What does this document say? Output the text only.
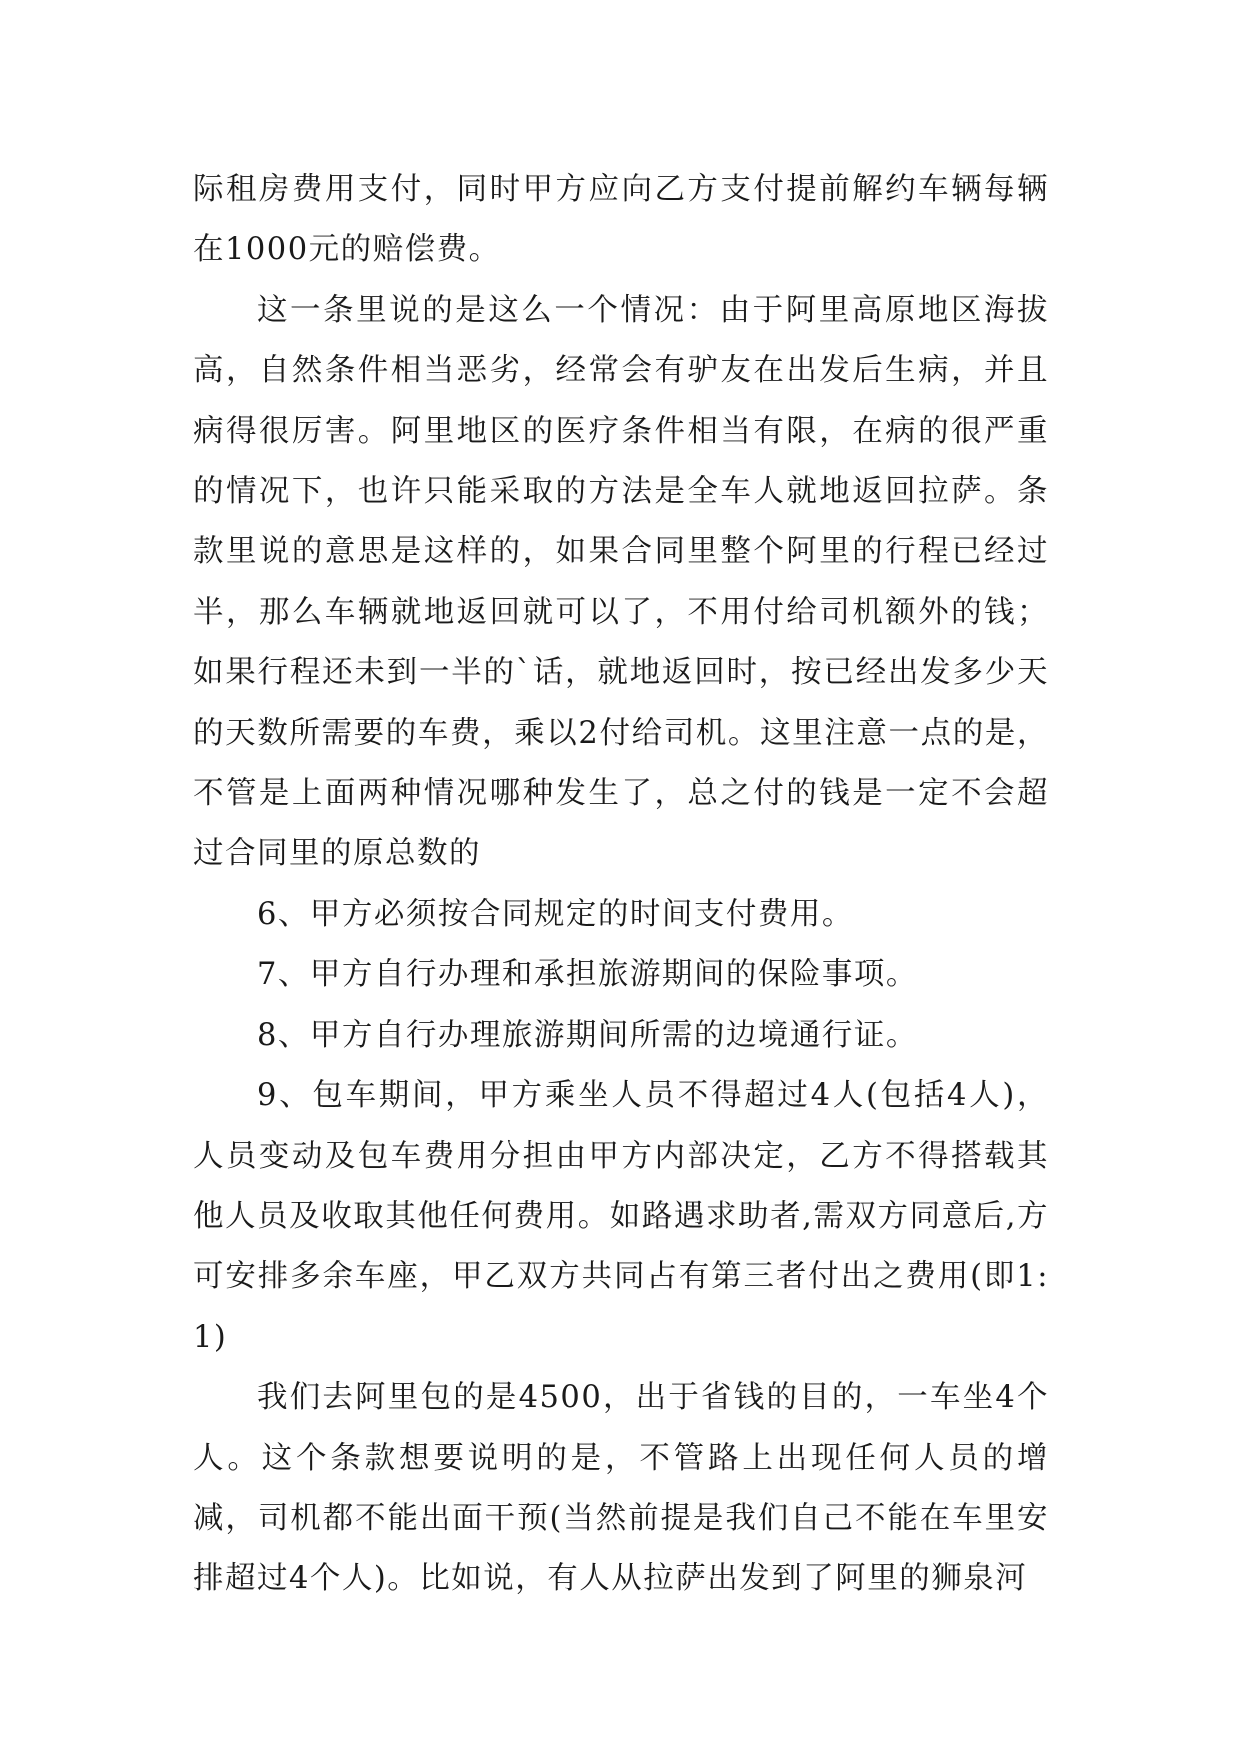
际租房费用支付，同时甲方应向乙方支付提前解约车辆每辆在1000元的赔偿费。

这一条里说的是这么一个情况：由于阿里高原地区海拔高，自然条件相当恶劣，经常会有驴友在出发后生病，并且病得很厉害。阿里地区的医疗条件相当有限，在病的很严重的情况下，也许只能采取的方法是全车人就地返回拉萨。条款里说的意思是这样的，如果合同里整个阿里的行程已经过半，那么车辆就地返回就可以了，不用付给司机额外的钱；如果行程还未到一半的`话，就地返回时，按已经出发多少天的天数所需要的车费，乘以2付给司机。这里注意一点的是，不管是上面两种情况哪种发生了，总之付的钱是一定不会超过合同里的原总数的

6、甲方必须按合同规定的时间支付费用。

7、甲方自行办理和承担旅游期间的保险事项。

8、甲方自行办理旅游期间所需的边境通行证。

9、包车期间，甲方乘坐人员不得超过4人(包括4人)，人员变动及包车费用分担由甲方内部决定，乙方不得搭载其他人员及收取其他任何费用。如路遇求助者,需双方同意后,方可安排多余车座，甲乙双方共同占有第三者付出之费用(即1:1)

我们去阿里包的是4500，出于省钱的目的，一车坐4个人。这个条款想要说明的是，不管路上出现任何人员的增减，司机都不能出面干预(当然前提是我们自己不能在车里安排超过4个人)。比如说，有人从拉萨出发到了阿里的狮泉河
